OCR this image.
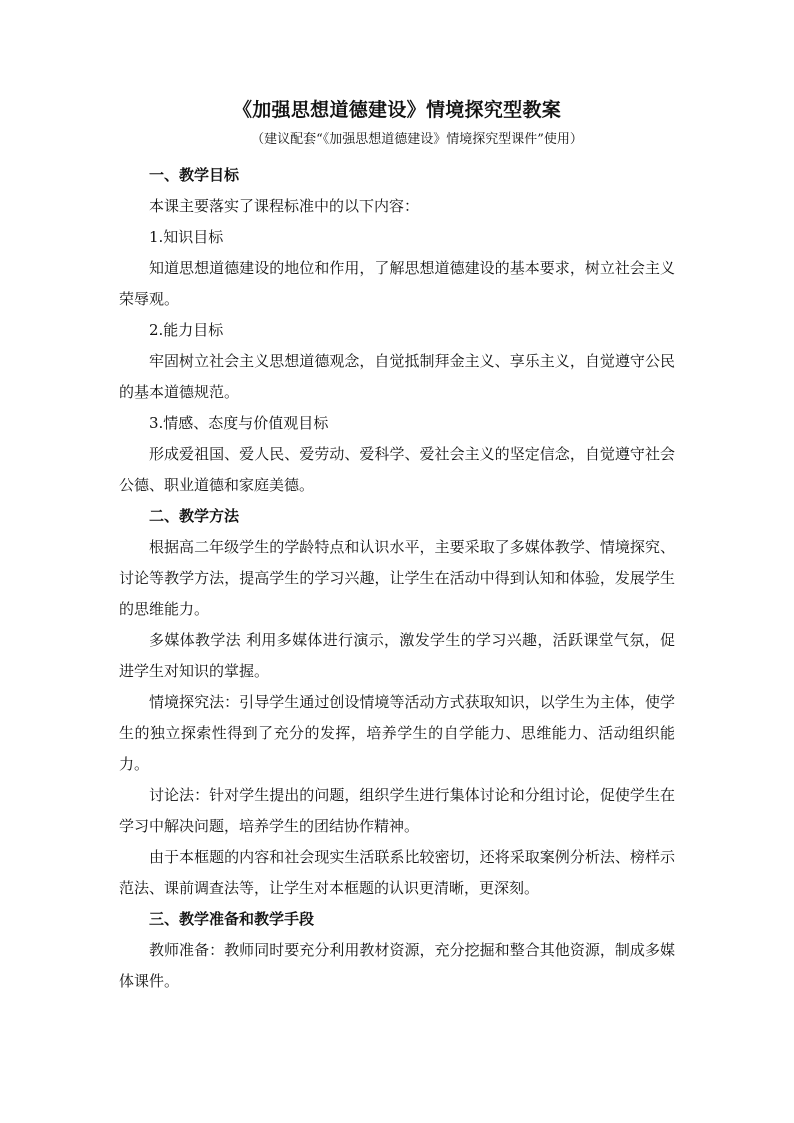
《加强思想道德建设》情境探究型教案
（建议配套“《加强思想道德建设》情境探究型课件”使用）

一、教学目标

本课主要落实了课程标准中的以下内容：

1.知识目标

知道思想道德建设的地位和作用，了解思想道德建设的基本要求，树立社会主义荣辱观。

2.能力目标

牢固树立社会主义思想道德观念，自觉抵制拜金主义、享乐主义，自觉遵守公民的基本道德规范。

3.情感、态度与价值观目标

形成爱祖国、爱人民、爱劳动、爱科学、爱社会主义的坚定信念，自觉遵守社会公德、职业道德和家庭美德。

二、教学方法

根据高二年级学生的学龄特点和认识水平，主要采取了多媒体教学、情境探究、讨论等教学方法，提高学生的学习兴趣，让学生在活动中得到认知和体验，发展学生的思维能力。

多媒体教学法 利用多媒体进行演示，激发学生的学习兴趣，活跃课堂气氛，促进学生对知识的掌握。

情境探究法：引导学生通过创设情境等活动方式获取知识，以学生为主体，使学生的独立探索性得到了充分的发挥，培养学生的自学能力、思维能力、活动组织能力。

讨论法：针对学生提出的问题，组织学生进行集体讨论和分组讨论，促使学生在学习中解决问题，培养学生的团结协作精神。

由于本框题的内容和社会现实生活联系比较密切，还将采取案例分析法、榜样示范法、课前调查法等，让学生对本框题的认识更清晰，更深刻。

三、教学准备和教学手段

教师准备：教师同时要充分利用教材资源，充分挖掘和整合其他资源，制成多媒体课件。
